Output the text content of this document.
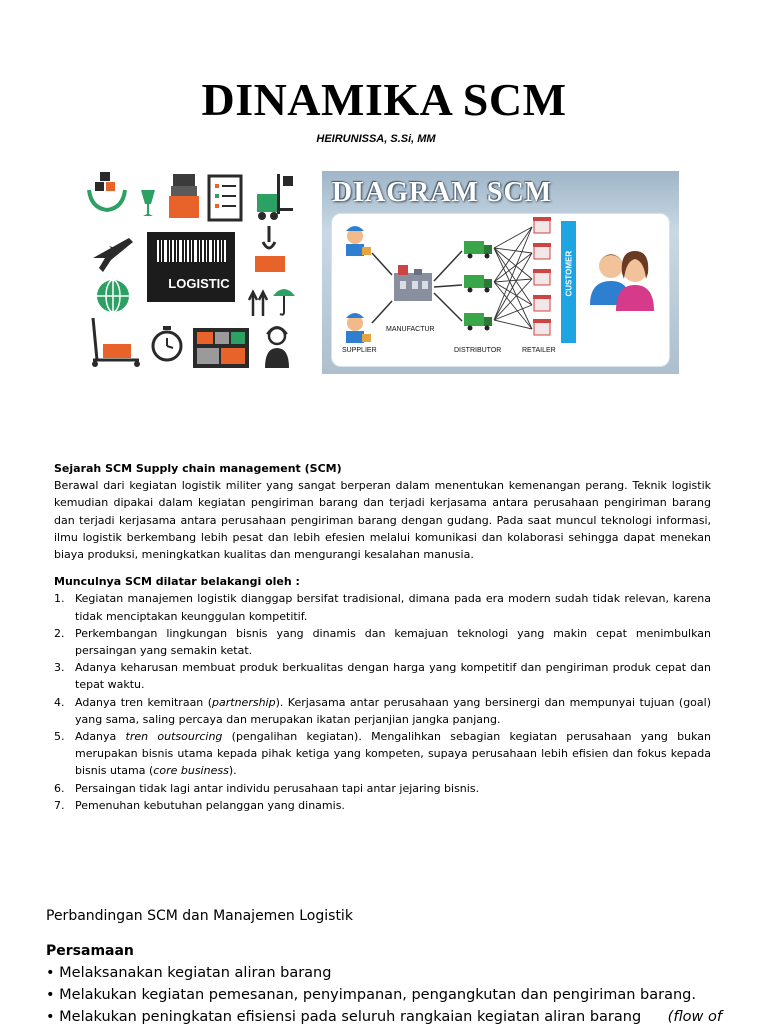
DINAMIKA SCM
HEIRUNISSA, S.Si, MM
LOGISTIC
DIAGRAM SCM
CUSTOMER
SUPPLIER
MANUFACTUR
DISTRIBUTOR	RETAILER

Sejarah SCM Supply chain management (SCM)

Berawal dari kegiatan logistik militer yang sangat berperan dalam menentukan kemenangan perang. Teknik logistik kemudian dipakai dalam kegiatan pengiriman barang dan terjadi kerjasama antara perusahaan pengiriman barang dan terjadi kerjasama antara perusahaan pengiriman barang dengan gudang. Pada saat muncul teknologi informasi, ilmu logistik berkembang lebih pesat dan lebih efesien melalui komunikasi dan kolaborasi sehingga dapat menekan biaya produksi, meningkatkan kualitas dan mengurangi kesalahan manusia.

Munculnya SCM dilatar belakangi oleh :

1. Kegiatan manajemen logistik dianggap bersifat tradisional, dimana pada era modern sudah tidak relevan, karena tidak menciptakan keunggulan kompetitif.
2. Perkembangan lingkungan bisnis yang dinamis dan kemajuan teknologi yang makin cepat menimbulkan persaingan yang semakin ketat.
3. Adanya keharusan membuat produk berkualitas dengan harga yang kompetitif dan pengiriman produk cepat dan tepat waktu.
4. Adanya tren kemitraan (partnership). Kerjasama antar perusahaan yang bersinergi dan mempunyai tujuan (goal) yang sama, saling percaya dan merupakan ikatan perjanjian jangka panjang.
5. Adanya tren outsourcing (pengalihan kegiatan). Mengalihkan sebagian kegiatan perusahaan yang bukan merupakan bisnis utama kepada pihak ketiga yang kompeten, supaya perusahaan lebih efisien dan fokus kepada bisnis utama (core business).
6. Persaingan tidak lagi antar individu perusahaan tapi antar jejaring bisnis.
7. Pemenuhan kebutuhan pelanggan yang dinamis.
Perbandingan SCM dan Manajemen Logistik
Persamaan
• Melaksanakan kegiatan aliran barang
• Melakukan kegiatan pemesanan, penyimpanan, pengangkutan dan pengiriman barang.
• Melakukan peningkatan efisiensi pada seluruh rangkaian kegiatan aliran barang (flow of
